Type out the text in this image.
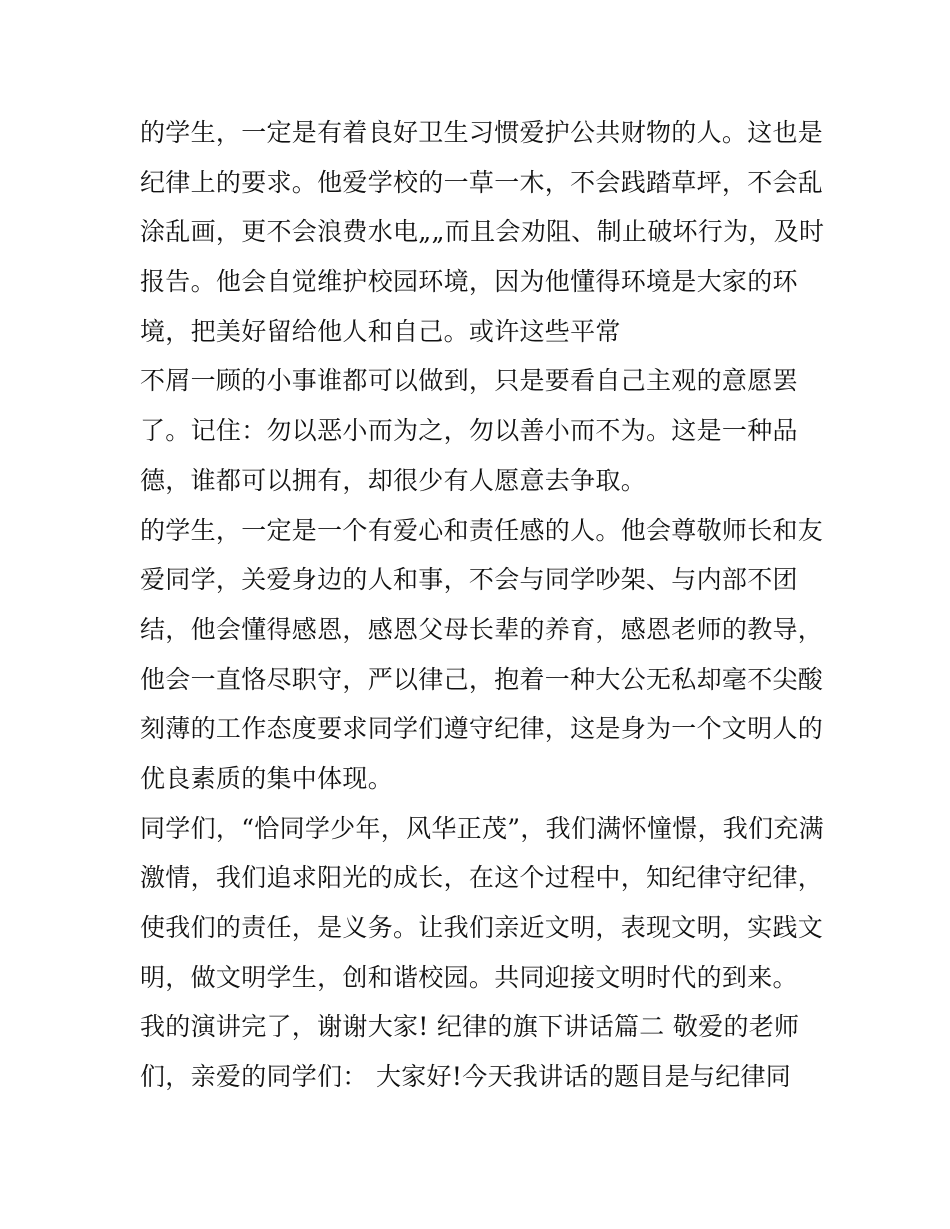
的学生，一定是有着良好卫生习惯爱护公共财物的人。这也是
纪律上的要求。他爱学校的一草一木，不会践踏草坪，不会乱
涂乱画，更不会浪费水电„„而且会劝阻、制止破坏行为，及时
报告。他会自觉维护校园环境，因为他懂得环境是大家的环
境，把美好留给他人和自己。或许这些平常
不屑一顾的小事谁都可以做到，只是要看自己主观的意愿罢
了。记住：勿以恶小而为之，勿以善小而不为。这是一种品
德，谁都可以拥有，却很少有人愿意去争取。
的学生，一定是一个有爱心和责任感的人。他会尊敬师长和友
爱同学，关爱身边的人和事，不会与同学吵架、与内部不团
结，他会懂得感恩，感恩父母长辈的养育，感恩老师的教导，
他会一直恪尽职守，严以律己，抱着一种大公无私却毫不尖酸
刻薄的工作态度要求同学们遵守纪律，这是身为一个文明人的
优良素质的集中体现。
同学们，“恰同学少年，风华正茂”，我们满怀憧憬，我们充满
激情，我们追求阳光的成长，在这个过程中，知纪律守纪律，
使我们的责任，是义务。让我们亲近文明，表现文明，实践文
明，做文明学生，创和谐校园。共同迎接文明时代的到来。
我的演讲完了，谢谢大家! 纪律的旗下讲话篇二 敬爱的老师
们，亲爱的同学们： 大家好!今天我讲话的题目是与纪律同
